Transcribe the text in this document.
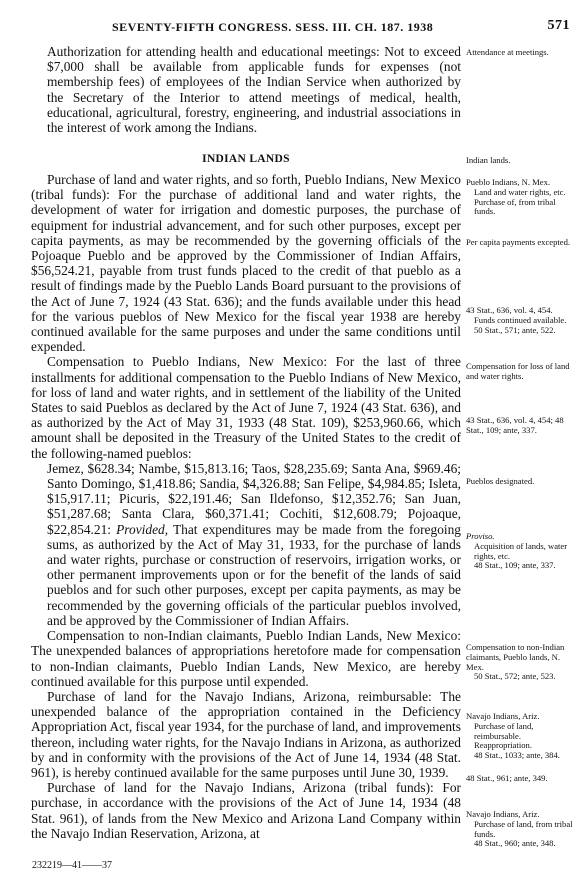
SEVENTY-FIFTH CONGRESS. SESS. III. CH. 187. 1938	571

Authorization for attending health and educational meetings: Not to exceed $7,000 shall be available from applicable funds for expenses (not membership fees) of employees of the Indian Service when authorized by the Secretary of the Interior to attend meetings of medical, health, educational, agricultural, forestry, engineering, and industrial associations in the interest of work among the Indians.

INDIAN LANDS

Purchase of land and water rights, and so forth, Pueblo Indians, New Mexico (tribal funds): For the purchase of additional land and water rights, the development of water for irrigation and domestic purposes, the purchase of equipment for industrial advancement, and for such other purposes, except per capita payments, as may be recommended by the governing officials of the Pojoaque Pueblo and be approved by the Commissioner of Indian Affairs, $56,524.21, payable from trust funds placed to the credit of that pueblo as a result of findings made by the Pueblo Lands Board pursuant to the provisions of the Act of June 7, 1924 (43 Stat. 636); and the funds available under this head for the various pueblos of New Mexico for the fiscal year 1938 are hereby continued available for the same purposes and under the same conditions until expended.

Compensation to Pueblo Indians, New Mexico: For the last of three installments for additional compensation to the Pueblo Indians of New Mexico, for loss of land and water rights, and in settlement of the liability of the United States to said Pueblos as declared by the Act of June 7, 1924 (43 Stat. 636), and as authorized by the Act of May 31, 1933 (48 Stat. 109), $253,960.66, which amount shall be deposited in the Treasury of the United States to the credit of the following-named pueblos:

Jemez, $628.34; Nambe, $15,813.16; Taos, $28,235.69; Santa Ana, $969.46; Santo Domingo, $1,418.86; Sandia, $4,326.88; San Felipe, $4,984.85; Isleta, $15,917.11; Picuris, $22,191.46; San Ildefonso, $12,352.76; San Juan, $51,287.68; Santa Clara, $60,371.41; Cochiti, $12,608.79; Pojoaque, $22,854.21: Provided, That expenditures may be made from the foregoing sums, as authorized by the Act of May 31, 1933, for the purchase of lands and water rights, purchase or construction of reservoirs, irrigation works, or other permanent improvements upon or for the benefit of the lands of said pueblos and for such other purposes, except per capita payments, as may be recommended by the governing officials of the particular pueblos involved, and be approved by the Commissioner of Indian Affairs.

Compensation to non-Indian claimants, Pueblo Indian Lands, New Mexico: The unexpended balances of appropriations heretofore made for compensation to non-Indian claimants, Pueblo Indian Lands, New Mexico, are hereby continued available for this purpose until expended.

Purchase of land for the Navajo Indians, Arizona, reimbursable: The unexpended balance of the appropriation contained in the Deficiency Appropriation Act, fiscal year 1934, for the purchase of land, and improvements thereon, including water rights, for the Navajo Indians in Arizona, as authorized by and in conformity with the provisions of the Act of June 14, 1934 (48 Stat. 961), is hereby continued available for the same purposes until June 30, 1939.

Purchase of land for the Navajo Indians, Arizona (tribal funds): For purchase, in accordance with the provisions of the Act of June 14, 1934 (48 Stat. 961), of lands from the New Mexico and Arizona Land Company within the Navajo Indian Reservation, Arizona, at

Attendance at meetings.
Indian lands.
Pueblo Indians, N. Mex.
Land and water rights, etc.
Purchase of, from tribal funds.
Per capita payments excepted.
43 Stat., 636, vol. 4, 454.
Funds continued available.
50 Stat., 571; ante, 522.
Compensation for loss of land and water rights.
43 Stat., 636, vol. 4, 454; 48 Stat., 109; ante, 337.
Pueblos designated.
Proviso.
Acquisition of lands, water rights, etc.
48 Stat., 109; ante, 337.
Compensation to non-Indian claimants, Pueblo lands, N. Mex.
50 Stat., 572; ante, 523.
Navajo Indians, Ariz.
Purchase of land, reimbursable.
Reappropriation.
48 Stat., 1033; ante, 384.
48 Stat., 961; ante, 349.
Navajo Indians, Ariz.
Purchase of land, from tribal funds.
48 Stat., 960; ante, 348.
232219—41——37
